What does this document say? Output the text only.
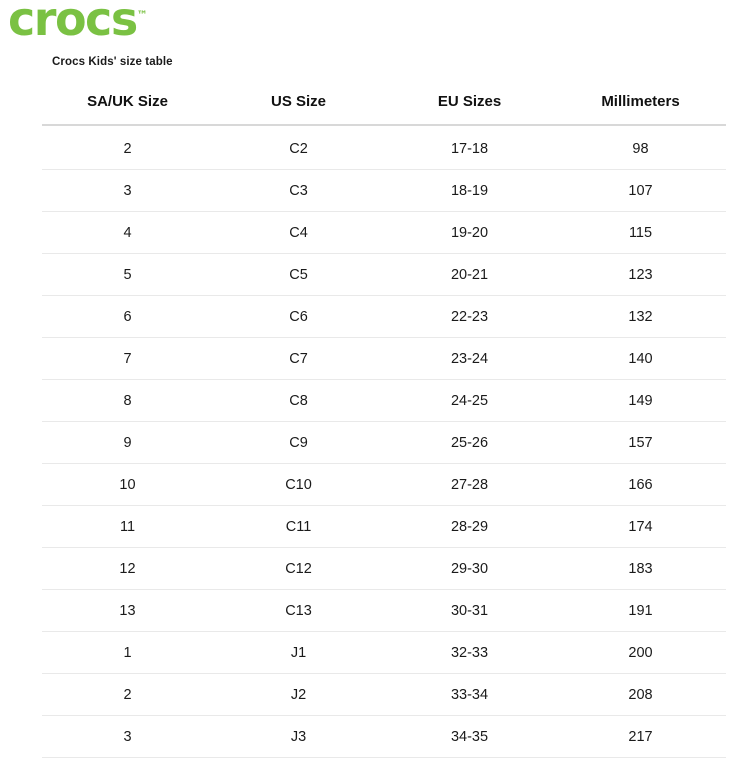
crocs™
Crocs Kids' size table
SA/UK Size	US Size	EU Sizes	Millimeters
2	C2	17-18	98
3	C3	18-19	107
4	C4	19-20	115
5	C5	20-21	123
6	C6	22-23	132
7	C7	23-24	140
8	C8	24-25	149
9	C9	25-26	157
10	C10	27-28	166
11	C11	28-29	174
12	C12	29-30	183
13	C13	30-31	191
1	J1	32-33	200
2	J2	33-34	208
3	J3	34-35	217
